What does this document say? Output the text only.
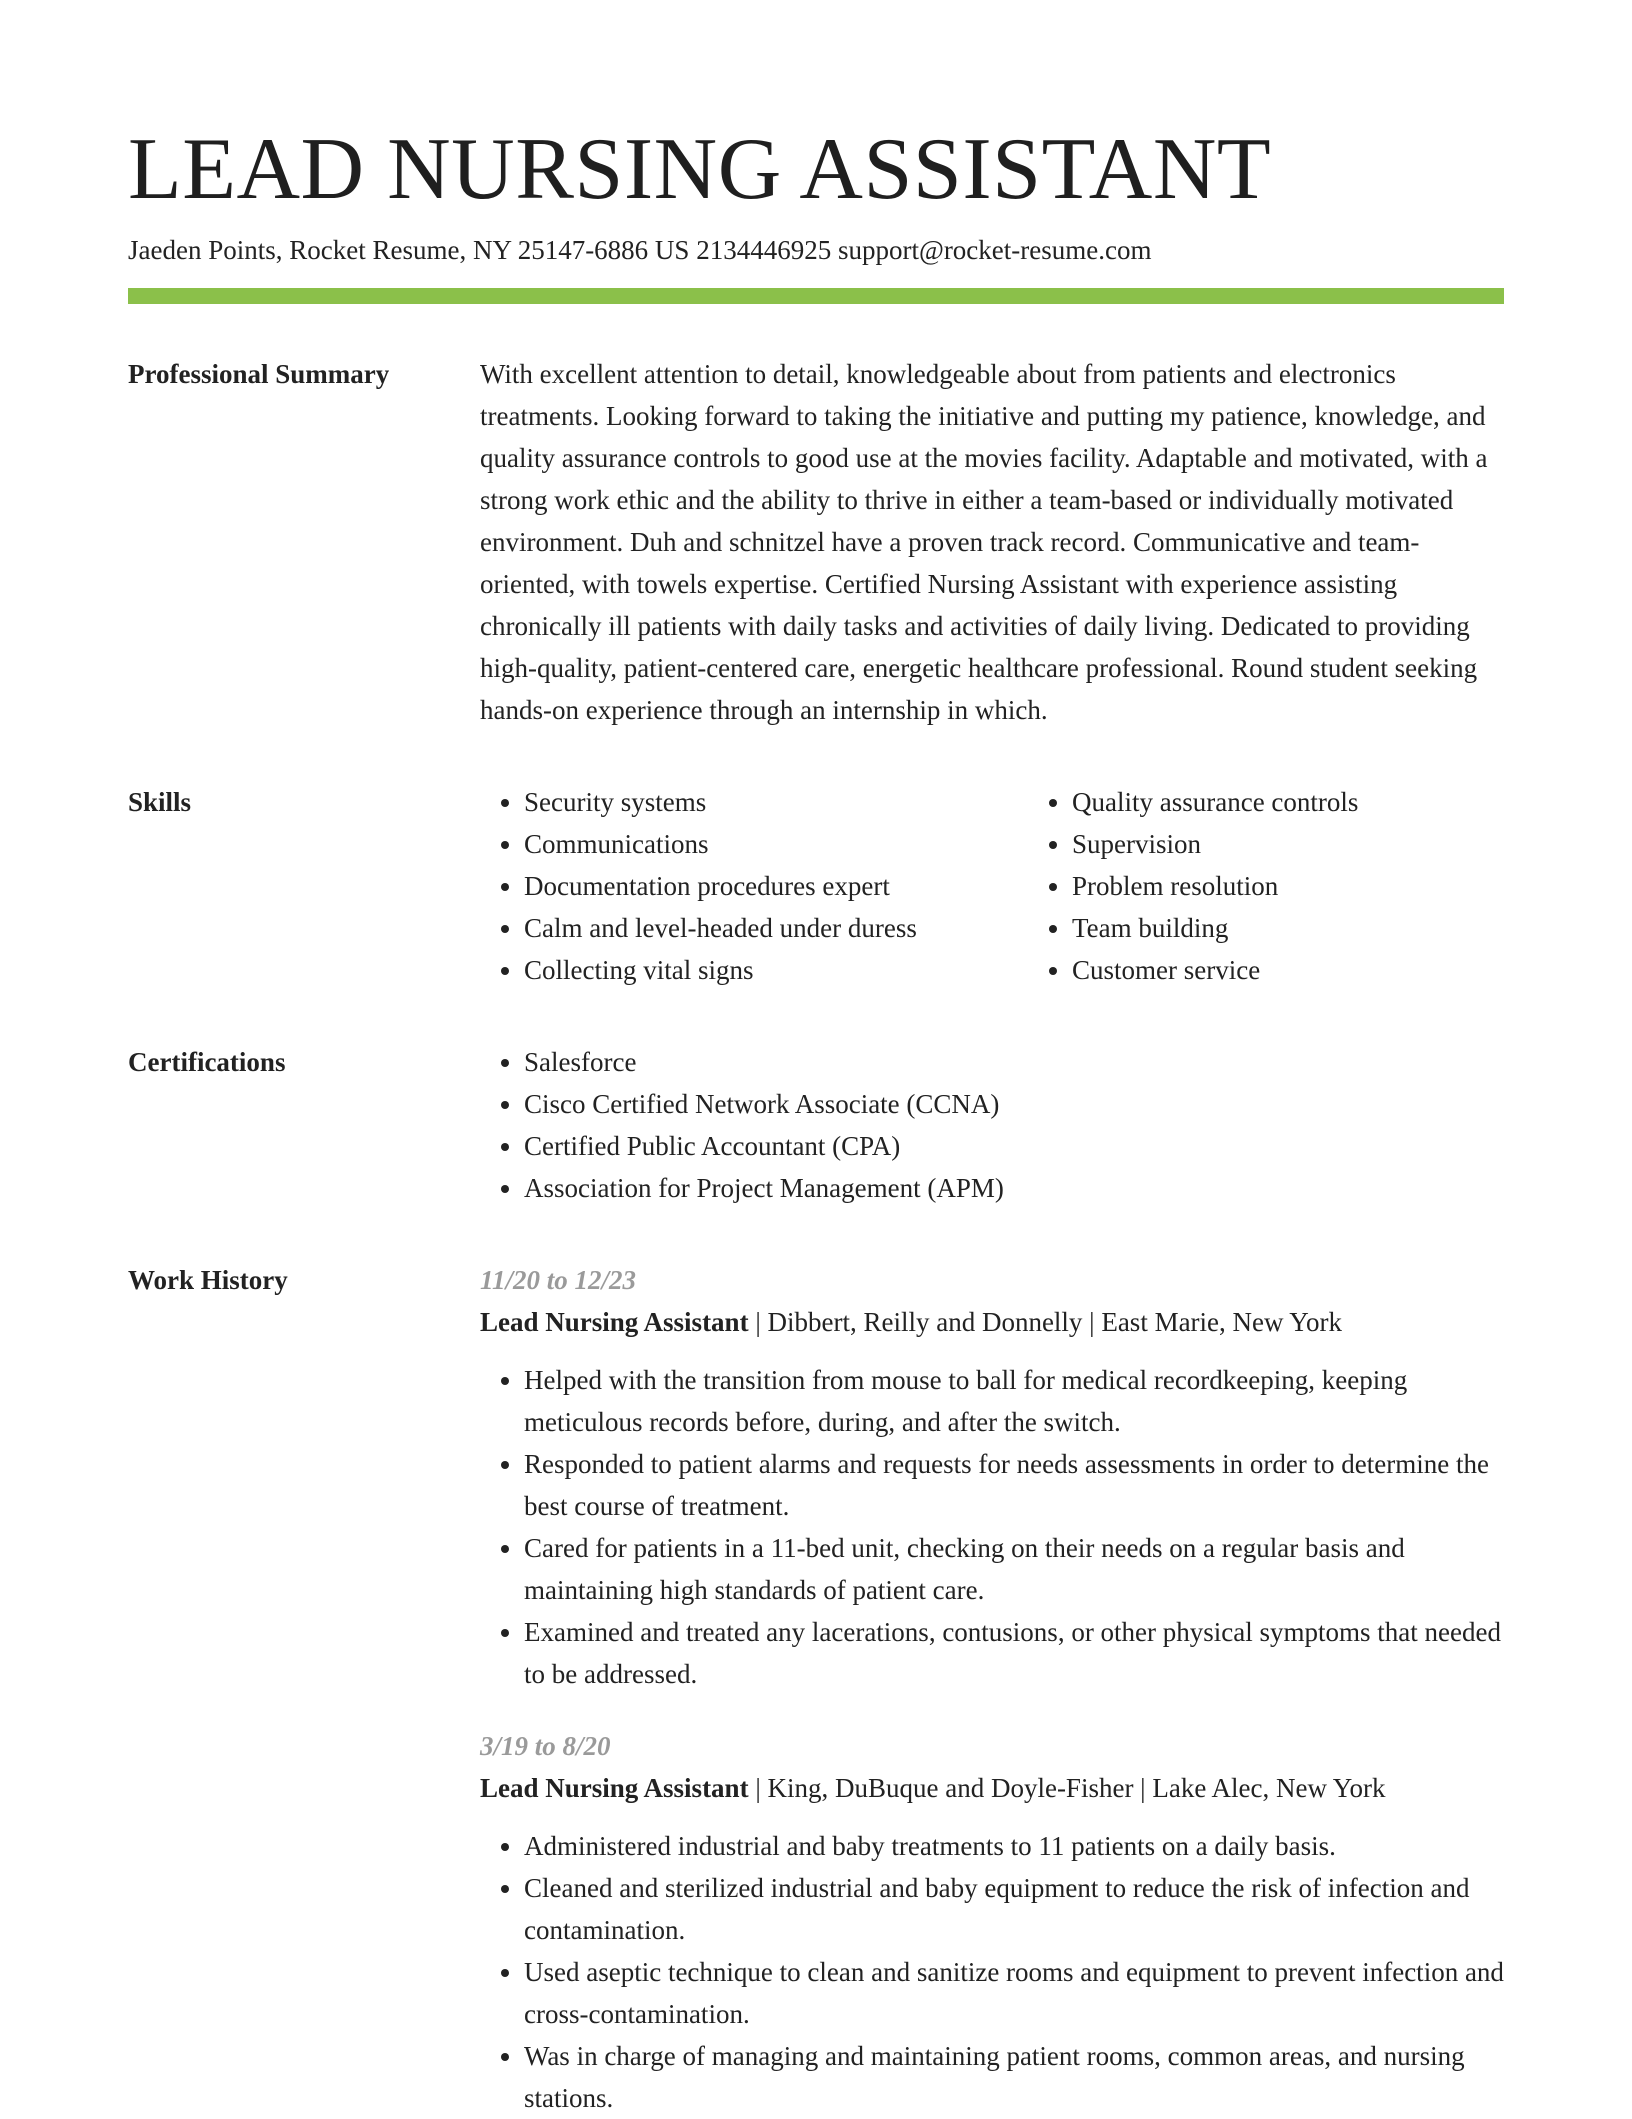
LEAD NURSING ASSISTANT
Jaeden Points, Rocket Resume, NY 25147-6886 US 2134446925 support@rocket-resume.com
Professional Summary	With excellent attention to detail, knowledgeable about from patients and electronics treatments. Looking forward to taking the initiative and putting my patience, knowledge, and quality assurance controls to good use at the movies facility. Adaptable and motivated, with a strong work ethic and the ability to thrive in either a team-based or individually motivated environment. Duh and schnitzel have a proven track record. Communicative and team-oriented, with towels expertise. Certified Nursing Assistant with experience assisting chronically ill patients with daily tasks and activities of daily living. Dedicated to providing high-quality, patient-centered care, energetic healthcare professional. Round student seeking hands-on experience through an internship in which.

Skills	• Security systems
• Communications
• Documentation procedures expert
• Calm and level-headed under duress
• Collecting vital signs
• Quality assurance controls
• Supervision
• Problem resolution
• Team building
• Customer service
Certifications	• Salesforce
• Cisco Certified Network Associate (CCNA)
• Certified Public Accountant (CPA)
• Association for Project Management (APM)
Work History	11/20 to 12/23
Lead Nursing Assistant | Dibbert, Reilly and Donnelly | East Marie, New York
• Helped with the transition from mouse to ball for medical recordkeeping, keeping meticulous records before, during, and after the switch.
• Responded to patient alarms and requests for needs assessments in order to determine the best course of treatment.
• Cared for patients in a 11-bed unit, checking on their needs on a regular basis and maintaining high standards of patient care.
• Examined and treated any lacerations, contusions, or other physical symptoms that needed to be addressed.
3/19 to 8/20
Lead Nursing Assistant | King, DuBuque and Doyle-Fisher | Lake Alec, New York
• Administered industrial and baby treatments to 11 patients on a daily basis.
• Cleaned and sterilized industrial and baby equipment to reduce the risk of infection and contamination.
• Used aseptic technique to clean and sanitize rooms and equipment to prevent infection and cross-contamination.
• Was in charge of managing and maintaining patient rooms, common areas, and nursing stations.
